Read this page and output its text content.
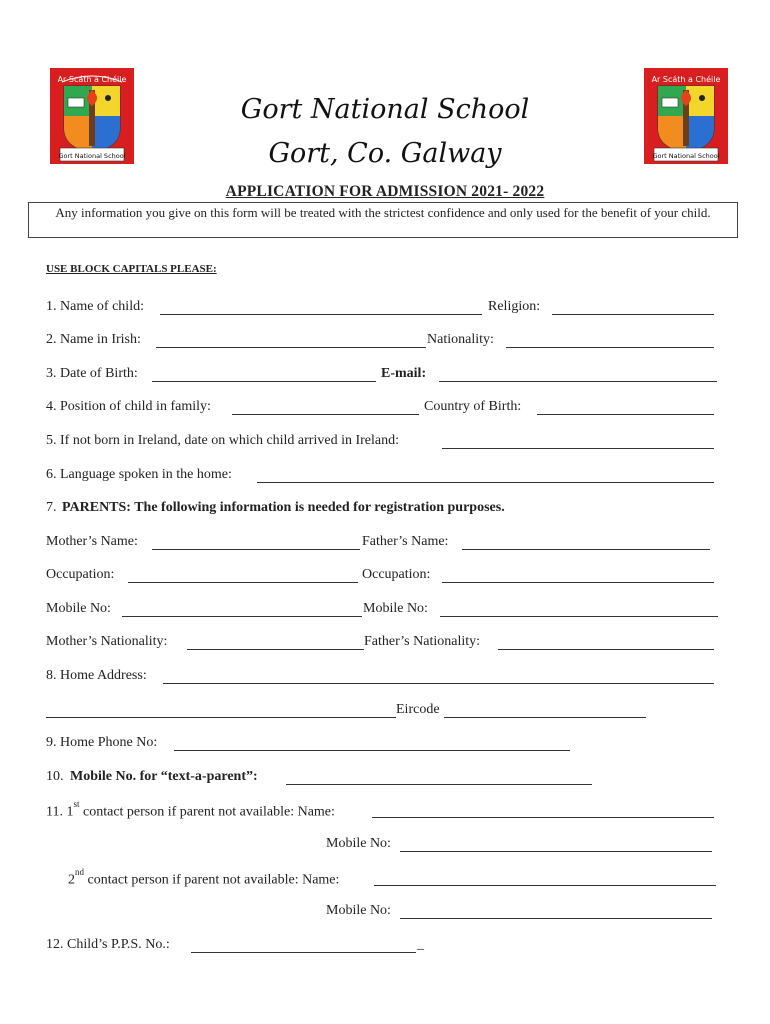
Ar Scáth a Chéile
Gort National School
Ar Scáth a Chéile
Gort National School
Gort National School
Gort, Co. Galway
APPLICATION FOR ADMISSION 2021- 2022
Any information you give on this form will be treated with the strictest confidence and only used for the benefit of your child.
USE BLOCK CAPITALS PLEASE:
1. Name of child:	Religion:
2. Name in Irish:	Nationality:
3. Date of Birth:	E-mail:
4. Position of child in family:	Country of Birth:
5. If not born in Ireland, date on which child arrived in Ireland:
6. Language spoken in the home:
7. PARENTS: The following information is needed for registration purposes.
Mother’s Name:	Father’s Name:
Occupation:	Occupation:
Mobile No:	Mobile No:
Mother’s Nationality:	Father’s Nationality:
8. Home Address:
Eircode
9. Home Phone No:
10. Mobile No. for “text-a-parent”:
11. 1st contact person if parent not available: Name:
Mobile No:
2nd contact person if parent not available: Name:
Mobile No:
12. Child’s P.P.S. No.:	_
